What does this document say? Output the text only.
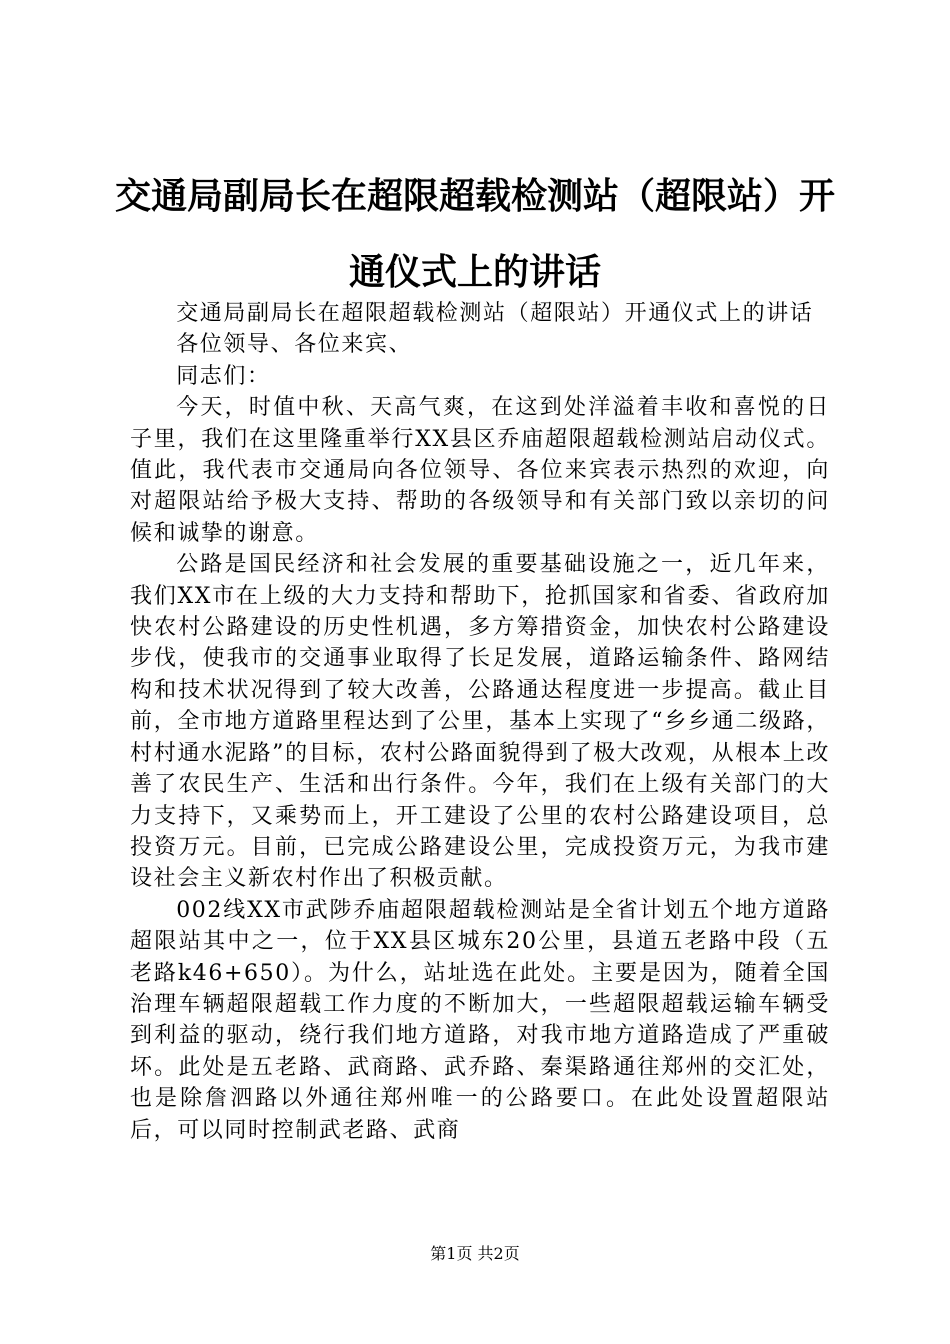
交通局副局长在超限超载检测站（超限站）开通仪式上的讲话

交通局副局长在超限超载检测站（超限站）开通仪式上的讲话

各位领导、各位来宾、

同志们：

今天，时值中秋、天高气爽，在这到处洋溢着丰收和喜悦的日子里，我们在这里隆重举行XX县区乔庙超限超载检测站启动仪式。值此，我代表市交通局向各位领导、各位来宾表示热烈的欢迎，向对超限站给予极大支持、帮助的各级领导和有关部门致以亲切的问候和诚挚的谢意。

公路是国民经济和社会发展的重要基础设施之一，近几年来，我们XX市在上级的大力支持和帮助下，抢抓国家和省委、省政府加快农村公路建设的历史性机遇，多方筹措资金，加快农村公路建设步伐，使我市的交通事业取得了长足发展，道路运输条件、路网结构和技术状况得到了较大改善，公路通达程度进一步提高。截止目前，全市地方道路里程达到了公里，基本上实现了“乡乡通二级路，村村通水泥路”的目标，农村公路面貌得到了极大改观，从根本上改善了农民生产、生活和出行条件。今年，我们在上级有关部门的大力支持下，又乘势而上，开工建设了公里的农村公路建设项目，总投资万元。目前，已完成公路建设公里，完成投资万元，为我市建设社会主义新农村作出了积极贡献。

002线XX市武陟乔庙超限超载检测站是全省计划五个地方道路超限站其中之一，位于XX县区城东20公里，县道五老路中段（五老路k46+650）。为什么，站址选在此处。主要是因为，随着全国治理车辆超限超载工作力度的不断加大，一些超限超载运输车辆受到利益的驱动，绕行我们地方道路，对我市地方道路造成了严重破坏。此处是五老路、武商路、武乔路、秦渠路通往郑州的交汇处，也是除詹泗路以外通往郑州唯一的公路要口。在此处设置超限站后，可以同时控制武老路、武商

第1页 共2页
